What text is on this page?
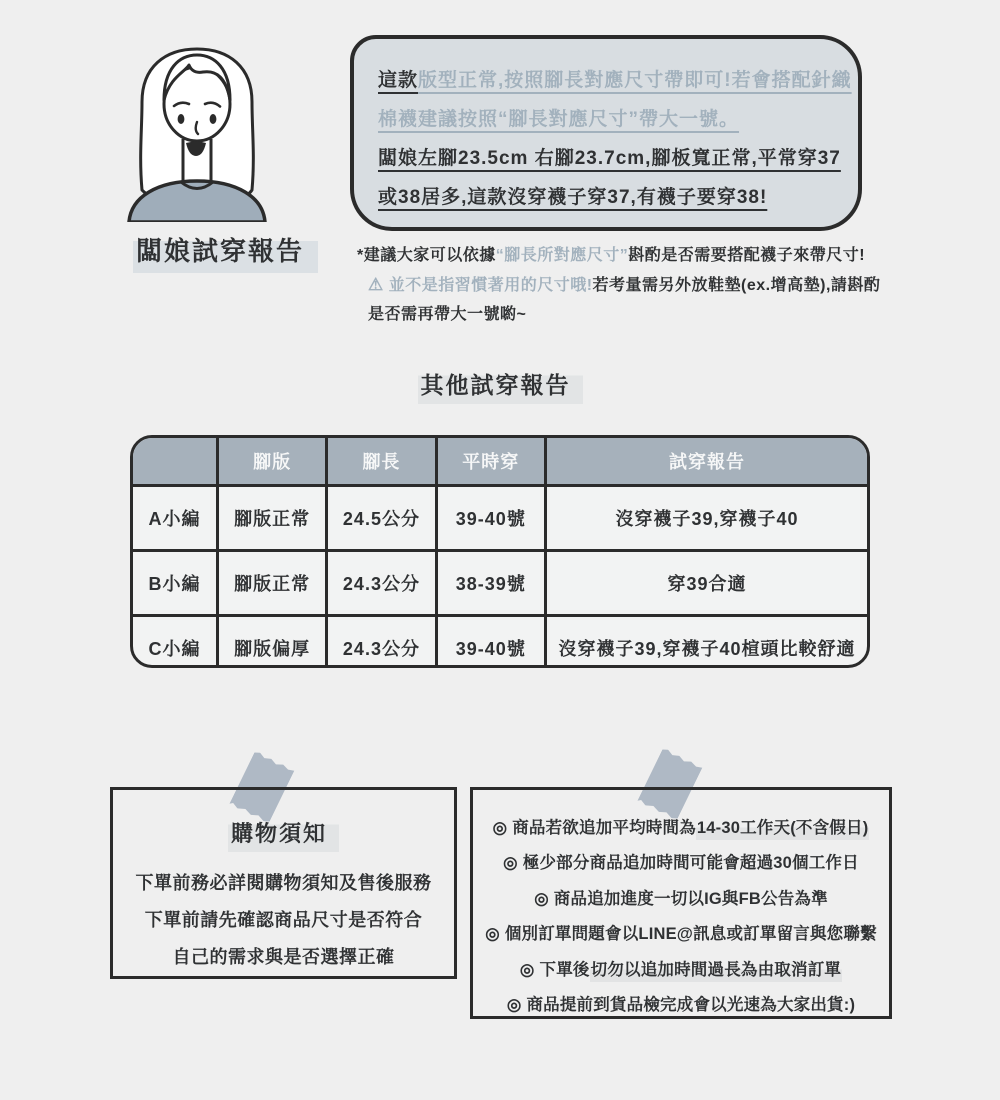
闆娘試穿報告
這款版型正常,按照腳長對應尺寸帶即可!若會搭配針織
棉襪建議按照“腳長對應尺寸”帶大一號。
闆娘左腳23.5cm 右腳23.7cm,腳板寬正常,平常穿37
或38居多,這款沒穿襪子穿37,有襪子要穿38!
*建議大家可以依據“腳長所對應尺寸”斟酌是否需要搭配襪子來帶尺寸!
⚠ 並不是指習慣著用的尺寸哦!若考量需另外放鞋墊(ex.增高墊),請斟酌
是否需再帶大一號喲~
其他試穿報告
	腳版	腳長	平時穿	試穿報告
A小編	腳版正常	24.5公分	39-40號	沒穿襪子39,穿襪子40
B小編	腳版正常	24.3公分	38-39號	穿39合適
C小編	腳版偏厚	24.3公分	39-40號	沒穿襪子39,穿襪子40楦頭比較舒適
購物須知
下單前務必詳閱購物須知及售後服務
下單前請先確認商品尺寸是否符合
自己的需求與是否選擇正確
◎ 商品若欲追加平均時間為14-30工作天(不含假日)
◎ 極少部分商品追加時間可能會超過30個工作日
◎ 商品追加進度一切以IG與FB公告為準
◎ 個別訂單問題會以LINE@訊息或訂單留言與您聯繫
◎ 下單後切勿以追加時間過長為由取消訂單
◎ 商品提前到貨品檢完成會以光速為大家出貨:)
